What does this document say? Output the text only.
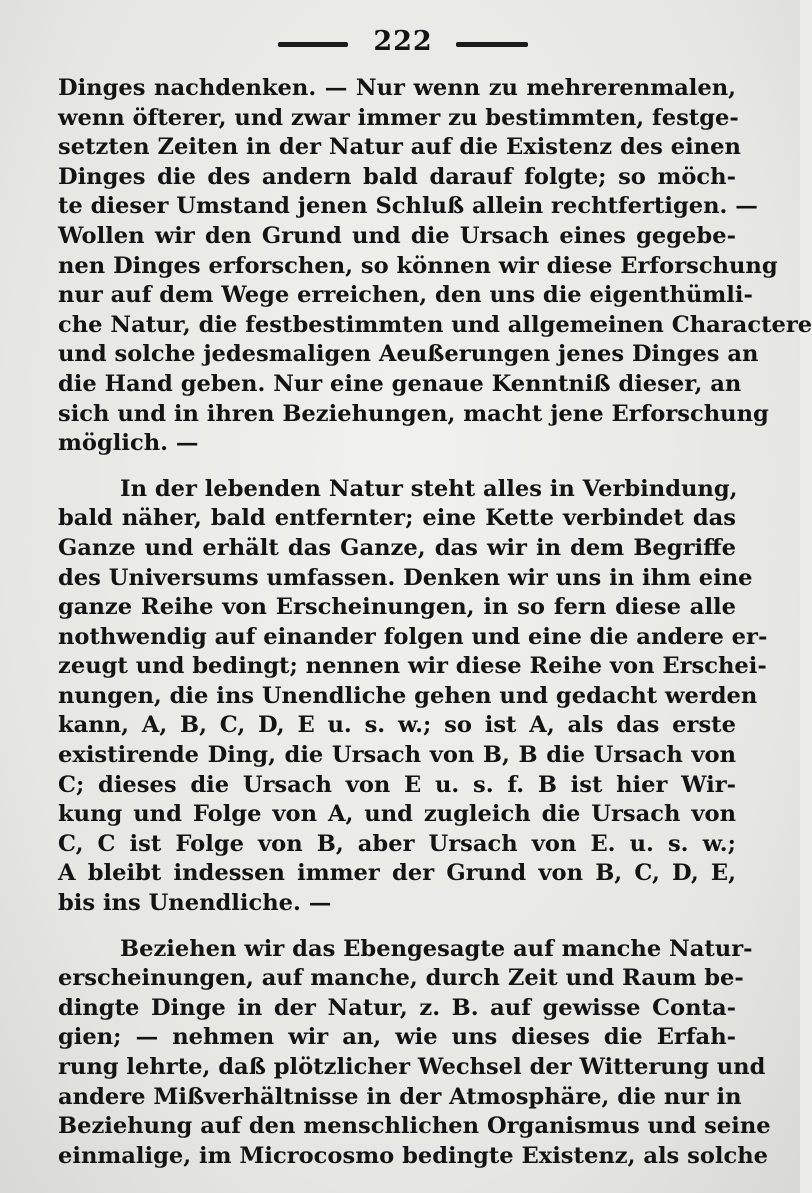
222
Dinges nachdenken. — Nur wenn zu mehrerenmalen,
wenn öfterer, und zwar immer zu bestimmten, festge-
setzten Zeiten in der Natur auf die Existenz des einen
Dinges die des andern bald darauf folgte; so möch-
te dieser Umstand jenen Schluß allein rechtfertigen. —
Wollen wir den Grund und die Ursach eines gegebe-
nen Dinges erforschen, so können wir diese Erforschung
nur auf dem Wege erreichen, den uns die eigenthümli-
che Natur, die festbestimmten und allgemeinen Charactere
und solche jedesmaligen Aeußerungen jenes Dinges an
die Hand geben. Nur eine genaue Kenntniß dieser, an
sich und in ihren Beziehungen, macht jene Erforschung
möglich. —
In der lebenden Natur steht alles in Verbindung,
bald näher, bald entfernter; eine Kette verbindet das
Ganze und erhält das Ganze, das wir in dem Begriffe
des Universums umfassen. Denken wir uns in ihm eine
ganze Reihe von Erscheinungen, in so fern diese alle
nothwendig auf einander folgen und eine die andere er-
zeugt und bedingt; nennen wir diese Reihe von Erschei-
nungen, die ins Unendliche gehen und gedacht werden
kann, A, B, C, D, E u. s. w.; so ist A, als das erste
existirende Ding, die Ursach von B, B die Ursach von
C; dieses die Ursach von E u. s. f. B ist hier Wir-
kung und Folge von A, und zugleich die Ursach von
C, C ist Folge von B, aber Ursach von E. u. s. w.;
A bleibt indessen immer der Grund von B, C, D, E,
bis ins Unendliche. —
Beziehen wir das Ebengesagte auf manche Natur-
erscheinungen, auf manche, durch Zeit und Raum be-
dingte Dinge in der Natur, z. B. auf gewisse Conta-
gien; — nehmen wir an, wie uns dieses die Erfah-
rung lehrte, daß plötzlicher Wechsel der Witterung und
andere Mißverhältnisse in der Atmosphäre, die nur in
Beziehung auf den menschlichen Organismus und seine
einmalige, im Microcosmo bedingte Existenz, als solche
